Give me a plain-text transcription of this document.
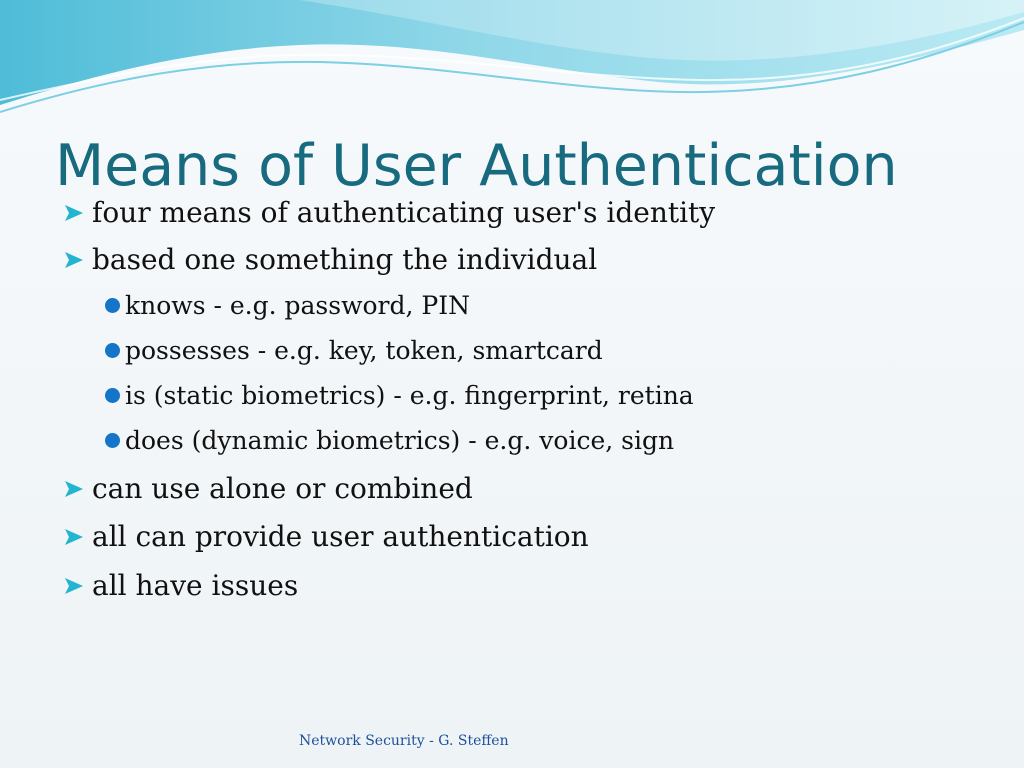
Means of User Authentication
four means of authenticating user's identity
based one something the individual
knows - e.g. password, PIN
possesses - e.g. key, token, smartcard
is (static biometrics) - e.g. fingerprint, retina
does (dynamic biometrics) - e.g. voice, sign
can use alone or combined
all can provide user authentication
all have issues
Network Security - G. Steffen
